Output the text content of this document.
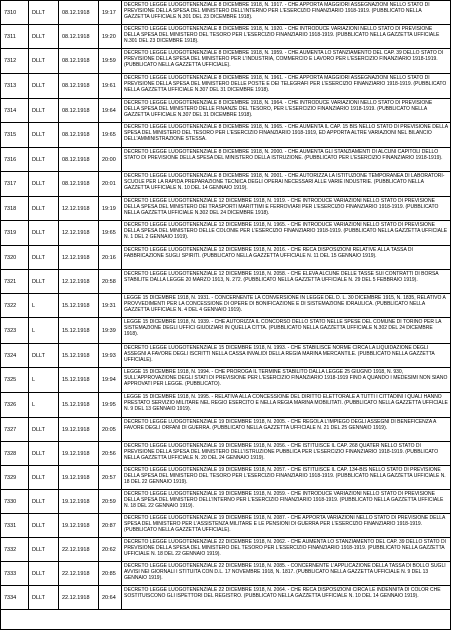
7310	DLLT	08.12.1918	19:17
DECRETO LEGGE LUOGOTENENZIALE 8 DICEMBRE 1918, N. 1917. - CHE APPORTA MAGGIORI ASSEGNAZIONI NELLO STATO DI PREVISIONE DELLA SPESA DEL MINISTERO DELL'INTERNO PER L'ESERCIZIO FINANZIARIO 1918-1919. (PUBBLICATO NELLA GAZZETTA UFFICIALE N.301 DEL 23 DICEMBRE 1918).
7311	DLLT	08.12.1918	19:20
DECRETO LEGGE LUOGOTENENZIALE 8 DICEMBRE 1918, N. 1920. - CHE INTRODUCE VARIAZIONI NELLO STATO DI PREVISIONE DELLA SPESA DEL MINISTERO DEL TESORO PER L'ESERCIZIO FINANZIARIO 1918-1919. (PUBBLICATO NELLA GAZZETTA UFFICIALE N.301 DEL 23 DICEMBRE 1918).
7312	DLLT	08.12.1918	19:59
DECRETO LEGGE LUOGOTENENZIALE 8 DICEMBRE 1918, N. 1959. - CHE AUMENTA LO STANZIAMENTO DEL CAP. 39 DELLO STATO DI PREVISIONE DELLA SPESA DEL MINISTERO PER L'INDUSTRIA, COMMERCIO E LAVORO PER L'ESERCIZIO FINANZIARIO 1918-1919. (PUBBLICATO NELLA GAZZETTA UFFICIALE).
7313	DLLT	08.12.1918	19:61
DECRETO LEGGE LUOGOTENENZIALE 8 DICEMBRE 1918, N. 1961. - CHE APPORTA MAGGIORI ASSEGNAZIONI NELLO STATO DI PREVISIONE DELLA SPESA DEL MINISTERO DELLE POSTE E DEI TELEGRAFI PER L'ESERCIZIO FINANZIARIO 1918-1919. (PUBBLICATO NELLA GAZZETTA UFFICIALE N.307 DEL 31 DICEMBRE 1918).
7314	DLLT	08.12.1918	19:64
DECRETO LEGGE LUOGOTENENZIALE 8 DICEMBRE 1918, N. 1964. - CHE INTRODUCE VARIAZIONI NELLO STATO DI PREVISIONE DELLA SPESA DEL MINISTERO DELLE FINANZE DEL TESORO, PER L'ESERCIZIO FINANZIARIO 1918-1919. (PUBBLICATO NELLA GAZZETTA UFFICIALE N.307 DEL 31 DICEMBRE 1918).
7315	DLLT	08.12.1918	19:65
DECRETO LEGGE LUOGOTENENZIALE 8 DICEMBRE 1918, N. 1965. - CHE AUMENTA IL CAP. 15 BIS NELLO STATO DI PREVISIONE DELLA SPESA DEL MINISTERO DEL TESORO PER L'ESERCIZIO FINANZIARIO 1918-1919, ED APPORTA ALTRE VARIAZIONI NEL BILANCIO DELL'AMMINISTRAZIONE STESSA.
7316	DLLT	08.12.1918	20:00
DECRETO LEGGE LUOGOTENENZIALE 8 DICEMBRE 1918, N. 2000. - CHE AUMENTA GLI STANZIAMENTI DI ALCUNI CAPITOLI DELLO STATO DI PREVISIONE DELLA SPESA DEL MINISTERO DELLA ISTRUZIONE. (PUBBLICATO PER L'ESERCIZIO FINANZIARIO 1918-1919).
7317	DLLT	08.12.1918	20:01
DECRETO LEGGE LUOGOTENENZIALE 8 DICEMBRE 1918, N. 2001. - CHE AUTORIZZA LA ISTITUZIONE TEMPORANEA DI LABORATORI-SCUOLE PER LA RAPIDA PREPARAZIONE TECNICA DEGLI OPERAI NECESSARI ALLE VARIE INDUSTRIE. (PUBBLICATO NELLA GAZZETTA UFFICIALE N. 10 DEL 14 GENNAIO 1919).
7318	DLLT	12.12.1918	19:19
DECRETO LEGGE LUOGOTENENZIALE 12 DICEMBRE 1918, N. 1919. - CHE INTRODUCE VARIAZIONI NELLO STATO DI PREVISIONE DELLA SPESA DEL MINISTERO DEI TRASPORTI MARITTIMI E FERROVIARI PER L'ESERCIZIO FINANZIARIO 1918-1919. (PUBBLICATO NELLA GAZZETTA UFFICIALE N.302 DEL 24 DICEMBRE 1918).
7319	DLLT	12.12.1918	19:65
DECRETO LEGGE LUOGOTENENZIALE 12 DICEMBRE 1918, N. 1965. - CHE INTRODUCE VARIAZIONI NELLO STATO DI PREVISIONE DELLA SPESA DEL MINISTERO DELLE COLONIE PER L'ESERCIZIO FINANZIARIO 1918-1919. (PUBBLICATO NELLA GAZZETTA UFFICIALE N. 1 DEL 2 GENNAIO 1919).
7320	DLLT	12.12.1918	20:16
DECRETO LEGGE LUOGOTENENZIALE 12 DICEMBRE 1918, N. 2016. - CHE RECA DISPOSIZIONI RELATIVE ALLA TASSA DI FABBRICAZIONE SUGLI SPIRITI. (PUBBLICATO NELLA GAZZETTA UFFICIALE N. 11 DEL 15 GENNAIO 1919).
7321	DLLT	12.12.1918	20:58
DECRETO LEGGE LUOGOTENENZIALE 12 DICEMBRE 1918, N. 2058. - CHE ELEVA ALCUNE DELLE TASSE SUI CONTRATTI DI BORSA STABILITE DALLA LEGGE 20 MARZO 1913, N. 272. (PUBBLICATO NELLA GAZZETTA UFFICIALE N. 29 DEL 5 FEBBRAIO 1919).
7322	L	15.12.1918	19:31
LEGGE 15 DICEMBRE 1918, N. 1931. - CONCERNENTE LA CONVERSIONE IN LEGGE DEL D. L. 30 DICEMBRE 1915, N. 1835, RELATIVO A PROVVEDIMENTI PER LA CONCESSIONE DI OPERE DI BONIFICAZIONE E DI SISTEMAZIONE IDRAULICA. (PUBBLICATO NELLA GAZZETTA UFFICIALE N. 4 DEL 4 GENNAIO 1919).
7323	L	15.12.1918	19:39
LEGGE 15 DICEMBRE 1918, N. 1939. - CHE AUTORIZZA IL CONCORSO DELLO STATO NELLE SPESE DEL COMUNE DI TORINO PER LA SISTEMAZIONE DEGLI UFFICI GIUDIZIARI IN QUELLA CITTA. (PUBBLICATO NELLA GAZZETTA UFFICIALE N.302 DEL 24 DICEMBRE 1918).
7324	DLLT	15.12.1918	19:93
DECRETO LEGGE LUOGOTENENZIALE 15 DICEMBRE 1918, N. 1993. - CHE STABILISCE NORME CIRCA LA LIQUIDAZIONE DEGLI ASSEGNI A FAVORE DEGLI ISCRITTI NELLA CASSA INVALIDI DELLA REGIA MARINA MERCANTILE. (PUBBLICATO NELLA GAZZETTA UFFICIALE).
7325	L	15.12.1918	19:94
LEGGE 15 DICEMBRE 1918, N. 1994. - CHE PROROGA IL TERMINE STABILITO DALLA LEGGE 25 GIUGNO 1918, N. 930, SULL'APPROVAZIONE DEGLI STATI DI PREVISIONE PER L'ESERCIZIO FINANZIARIO 1918-1919 FINO A QUANDO I MEDESIMI NON SIANO APPROVATI PER LEGGE. (PUBBLICATO).
7326	L	15.12.1918	19:95
LEGGE 15 DICEMBRE 1918, N. 1995. - RELATIVA ALLA CONCESSIONE DEL DIRITTO ELETTORALE A TUTTI I CITTADINI I QUALI HANNO PRESTATO SERVIZIO MILITARE NEL REGIO ESERCITO E NELLA REGIA MARINA MOBILITATI. (PUBBLICATO NELLA GAZZETTA UFFICIALE N. 9 DEL 13 GENNAIO 1919).
7327	DLLT	19.12.1918	20:05
DECRETO LEGGE LUOGOTENENZIALE 19 DICEMBRE 1918, N. 2005. - CHE REGOLA L'IMPIEGO DEGLI ASSEGNI DI BENEFICENZA A FAVORE DEGLI ORFANI DI GUERRA. (PUBBLICATO NELLA GAZZETTA UFFICIALE N. 21 DEL 25 GENNAIO 1919).
7328	DLLT	19.12.1918	20:56
DECRETO LEGGE LUOGOTENENZIALE 19 DICEMBRE 1918, N. 2056. - CHE ISTITUISCE IL CAP. 268 QUATER NELLO STATO DI PREVISIONE DELLA SPESA DEL MINISTERO DELL'ISTRUZIONE PUBBLICA PER L'ESERCIZIO FINANZIARIO 1918-1919. (PUBBLICATO NELLA GAZZETTA UFFICIALE N. 20 DEL 24 GENNAIO 1919).
7329	DLLT	19.12.1918	20:57
DECRETO LEGGE LUOGOTENENZIALE 19 DICEMBRE 1918, N. 2057. - CHE ISTITUISCE IL CAP. 134-BIS NELLO STATO DI PREVISIONE DELLA SPESA DEL MINISTERO DEL TESORO PER L'ESERCIZIO FINANZIARIO 1918-1919. (PUBBLICATO NELLA GAZZETTA UFFICIALE N. 18 DEL 22 GENNAIO 1919).
7330	DLLT	19.12.1918	20:59
DECRETO LEGGE LUOGOTENENZIALE 19 DICEMBRE 1918, N. 2059. - CHE INTRODUCE VARIAZIONI NELLO STATO DI PREVISIONE DELLA SPESA DEL MINISTERO DELL'INTERNO PER L'ESERCIZIO FINANZIARIO 1918-1919. (PUBBLICATO NELLA GAZZETTA UFFICIALE N. 18 DEL 22 GENNAIO 1919).
7331	DLLT	19.12.1918	20:87
DECRETO LEGGE LUOGOTENENZIALE 19 DICEMBRE 1918, N. 2087. - CHE APPORTA VARIAZIONI NELLO STATO DI PREVISIONE DELLA SPESA DEL MINISTERO PER L'ASSISTENZA MILITARE E LE PENSIONI DI GUERRA PER L'ESERCIZIO FINANZIARIO 1918-1919. (PUBBLICATO NELLA GAZZETTA UFFICIALE).
7332	DLLT	22.12.1918	20:62
DECRETO LEGGE LUOGOTENENZIALE 22 DICEMBRE 1918, N. 2062. - CHE AUMENTA LO STANZIAMENTO DEL CAP. 39 DELLO STATO DI PREVISIONE DELLA SPESA DEL MINISTERO DEL TESORO PER L'ESERCIZIO FINANZIARIO 1918-1919. (PUBBLICATO NELLA GAZZETTA UFFICIALE N. 18 DEL 22 GENNAIO 1919).
7333	DLLT	22.12.1918	20:85
DECRETO LEGGE LUOGOTENENZIALE 22 DICEMBRE 1918, N. 2085. - CONCERNENTE L'APPLICAZIONE DELLA TASSA DI BOLLO SUGLI AVVISI NEI GIORNALI I STITUITA CON D.L. 17 NOVEMBRE 1918, N. 1817. (PUBBLICATO NELLA GAZZETTA UFFICIALE N. 9 DEL 13 GENNAIO 1919).
7334	DLLT	22.12.1918	20:64
DECRETO LEGGE LUOGOTENENZIALE 22 DICEMBRE 1918, N. 2064. - CHE RECA DISPOSIZIONI CIRCA LE INDENNITA DI COLOR CHE SOSTITUISCONO GLI ISPETTORI DEL REGISTRO. (PUBBLICATO NELLA GAZZETTA UFFICIALE N. 10 DEL 14 GENNAIO 1919).
